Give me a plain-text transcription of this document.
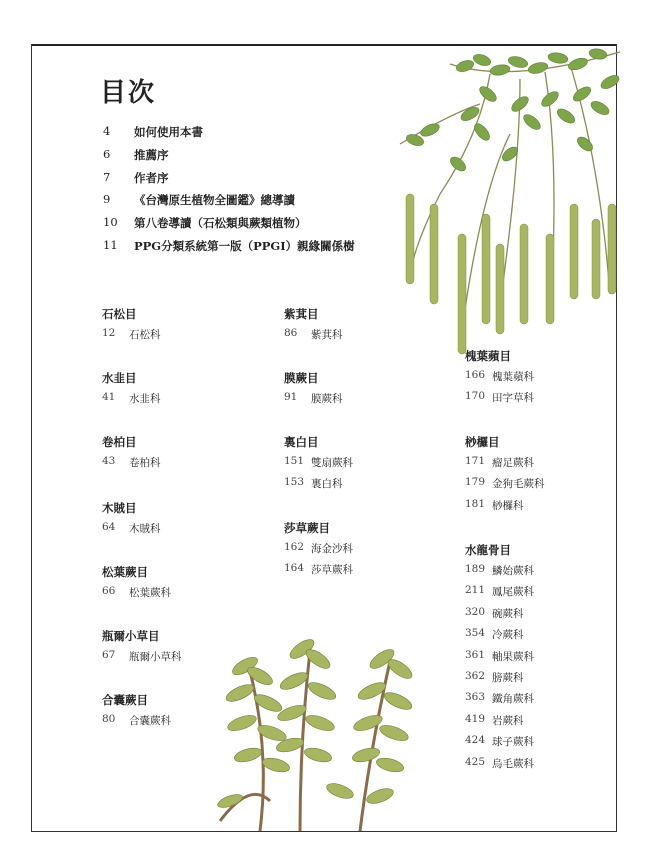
目次
4	如何使用本書
6	推薦序
7	作者序
9	《台灣原生植物全圖鑑》總導讀
10	第八卷導讀（石松類與蕨類植物）
11	PPG分類系統第一版（PPGI）親緣關係樹
石松目
12	石松科
水韭目
41	水韭科
卷柏目
43	卷柏科
木賊目
64	木賊科
松葉蕨目
66	松葉蕨科
瓶爾小草目
67	瓶爾小草科
合囊蕨目
80	合囊蕨科
紫萁目
86	紫萁科
膜蕨目
91	膜蕨科
裏白目
151 雙扇蕨科
153 裏白科
莎草蕨目
162 海金沙科
164 莎草蕨科
槐葉蘋目
166 槐葉蘋科
170 田字草科
桫欏目
171 瘤足蕨科
179 金狗毛蕨科
181 桫欏科
水龍骨目
189 鱗始蕨科
211 鳳尾蕨科
320 碗蕨科
354 冷蕨科
361 軸果蕨科
362 膀蕨科
363 鐵角蕨科
419 岩蕨科
424 球子蕨科
425 烏毛蕨科
